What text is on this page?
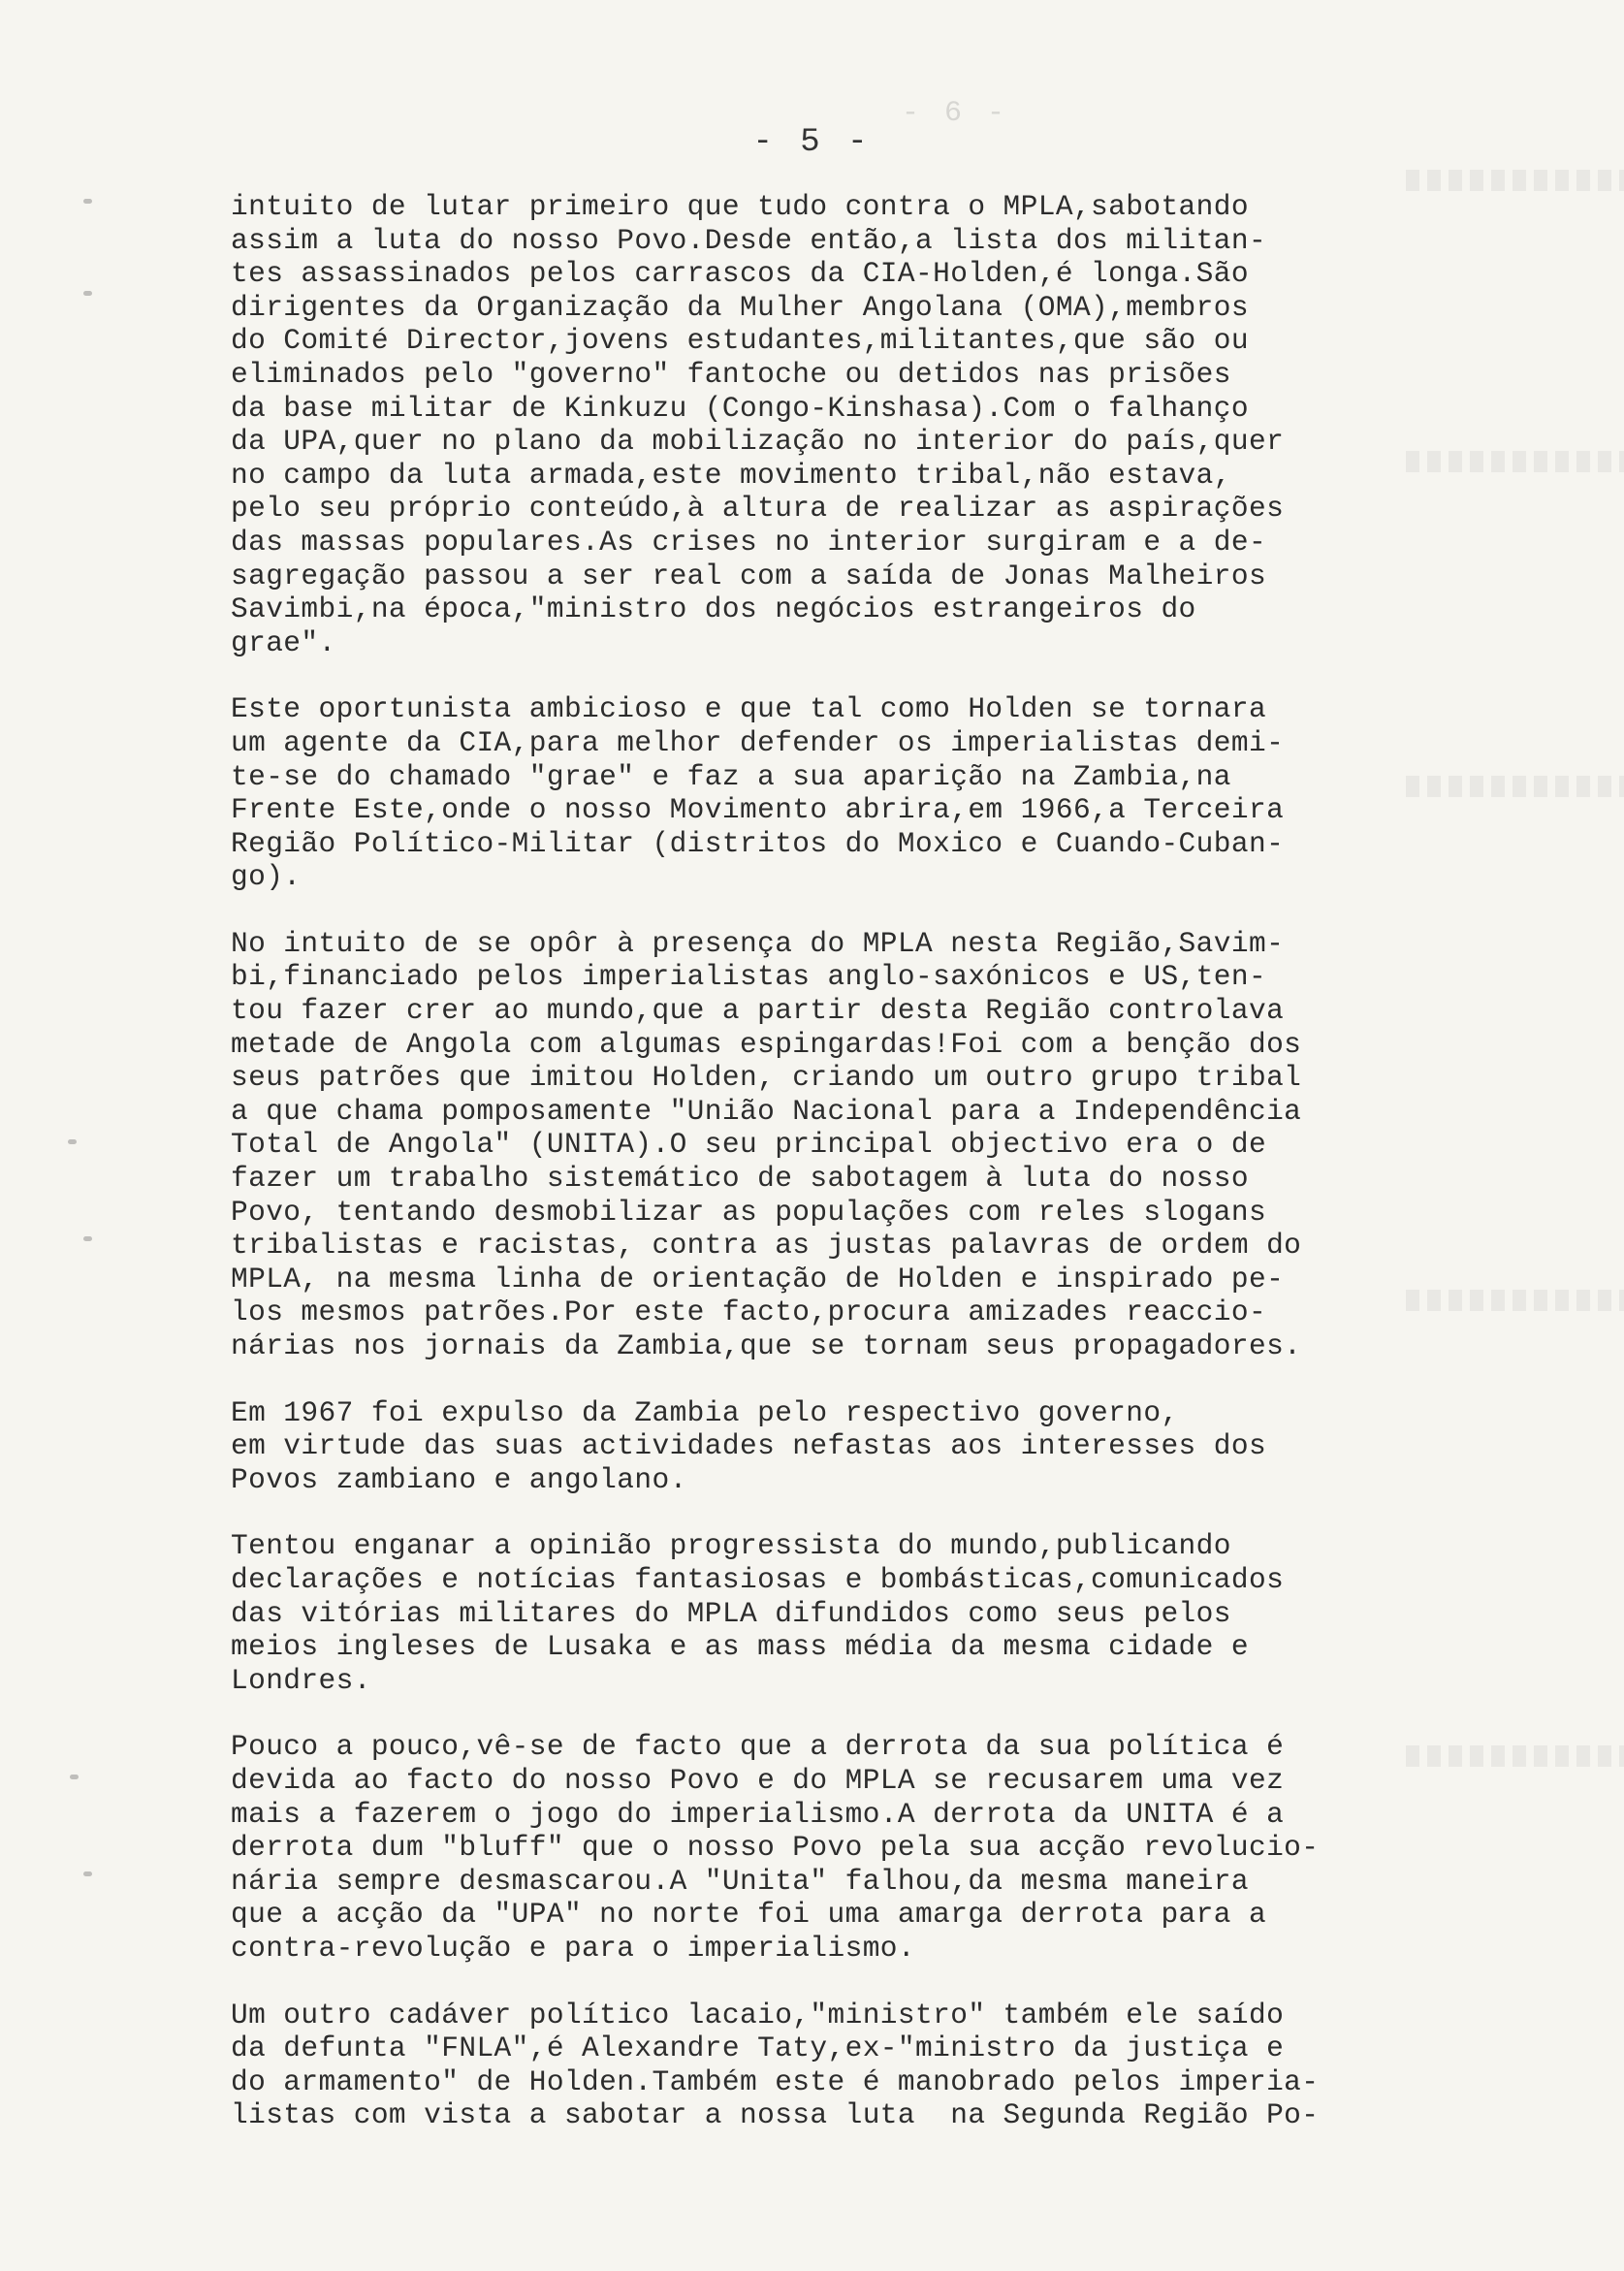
- 6 -
- 5 -
intuito de lutar primeiro que tudo contra o MPLA,sabotando
assim a luta do nosso Povo.Desde então,a lista dos militan-
tes assassinados pelos carrascos da CIA-Holden,é longa.São
dirigentes da Organização da Mulher Angolana (OMA),membros
do Comité Director,jovens estudantes,militantes,que são ou
eliminados pelo "governo" fantoche ou detidos nas prisões
da base militar de Kinkuzu (Congo-Kinshasa).Com o falhanço
da UPA,quer no plano da mobilização no interior do país,quer
no campo da luta armada,este movimento tribal,não estava,
pelo seu próprio conteúdo,à altura de realizar as aspirações
das massas populares.As crises no interior surgiram e a de-
sagregação passou a ser real com a saída de Jonas Malheiros
Savimbi,na época,"ministro dos negócios estrangeiros do
grae".
Este oportunista ambicioso e que tal como Holden se tornara
um agente da CIA,para melhor defender os imperialistas demi-
te-se do chamado "grae" e faz a sua aparição na Zambia,na
Frente Este,onde o nosso Movimento abrira,em 1966,a Terceira
Região Político-Militar (distritos do Moxico e Cuando-Cuban-
go).
No intuito de se opôr à presença do MPLA nesta Região,Savim-
bi,financiado pelos imperialistas anglo-saxónicos e US,ten-
tou fazer crer ao mundo,que a partir desta Região controlava
metade de Angola com algumas espingardas!Foi com a benção dos
seus patrões que imitou Holden, criando um outro grupo tribal
a que chama pomposamente "União Nacional para a Independência
Total de Angola" (UNITA).O seu principal objectivo era o de
fazer um trabalho sistemático de sabotagem à luta do nosso
Povo, tentando desmobilizar as populações com reles slogans
tribalistas e racistas, contra as justas palavras de ordem do
MPLA, na mesma linha de orientação de Holden e inspirado pe-
los mesmos patrões.Por este facto,procura amizades reaccio-
nárias nos jornais da Zambia,que se tornam seus propagadores.
Em 1967 foi expulso da Zambia pelo respectivo governo,
em virtude das suas actividades nefastas aos interesses dos
Povos zambiano e angolano.
Tentou enganar a opinião progressista do mundo,publicando
declarações e notícias fantasiosas e bombásticas,comunicados
das vitórias militares do MPLA difundidos como seus pelos
meios ingleses de Lusaka e as mass média da mesma cidade e
Londres.
Pouco a pouco,vê-se de facto que a derrota da sua política é
devida ao facto do nosso Povo e do MPLA se recusarem uma vez
mais a fazerem o jogo do imperialismo.A derrota da UNITA é a
derrota dum "bluff" que o nosso Povo pela sua acção revolucio-
nária sempre desmascarou.A "Unita" falhou,da mesma maneira
que a acção da "UPA" no norte foi uma amarga derrota para a
contra-revolução e para o imperialismo.
Um outro cadáver político lacaio,"ministro" também ele saído
da defunta "FNLA",é Alexandre Taty,ex-"ministro da justiça e
do armamento" de Holden.Também este é manobrado pelos imperia-
listas com vista a sabotar a nossa luta  na Segunda Região Po-
